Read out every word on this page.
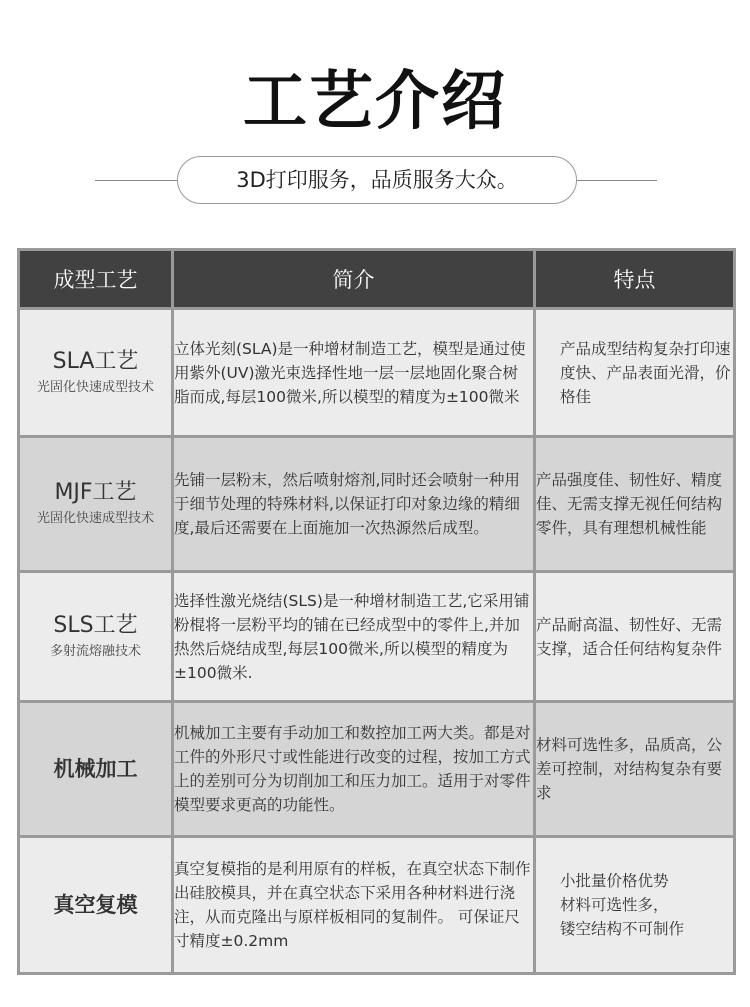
工艺介绍
3D打印服务，品质服务大众。
成型工艺	简介	特点

SLA工艺
光固化快速成型技术	立体光刻(SLA)是一种增材制造工艺，模型是通过使用紫外(UV)激光束选择性地一层一层地固化聚合树脂而成,每层100微米,所以模型的精度为±100微米	产品成型结构复杂打印速度快、产品表面光滑，价格佳

MJF工艺
光固化快速成型技术	先铺一层粉末，然后喷射熔剂,同时还会喷射一种用于细节处理的特殊材料,以保证打印对象边缘的精细度,最后还需要在上面施加一次热源然后成型。	产品强度佳、韧性好、精度佳、无需支撑无视任何结构零件，具有理想机械性能

SLS工艺
多射流熔融技术	选择性激光烧结(SLS)是一种增材制造工艺,它采用铺粉棍将一层粉平均的铺在已经成型中的零件上,并加热然后烧结成型,每层100微米,所以模型的精度为±100微米.	产品耐高温、韧性好、无需支撑，适合任何结构复杂件

机械加工	机械加工主要有手动加工和数控加工两大类。都是对工件的外形尺寸或性能进行改变的过程，按加工方式上的差别可分为切削加工和压力加工。适用于对零件模型要求更高的功能性。	材料可选性多，品质高，公差可控制，对结构复杂有要求

真空复模	真空复模指的是利用原有的样板，在真空状态下制作出硅胶模具，并在真空状态下采用各种材料进行浇注，从而克隆出与原样板相同的复制件。 可保证尺寸精度±0.2mm	小批量价格优势
材料可选性多，
镂空结构不可制作
